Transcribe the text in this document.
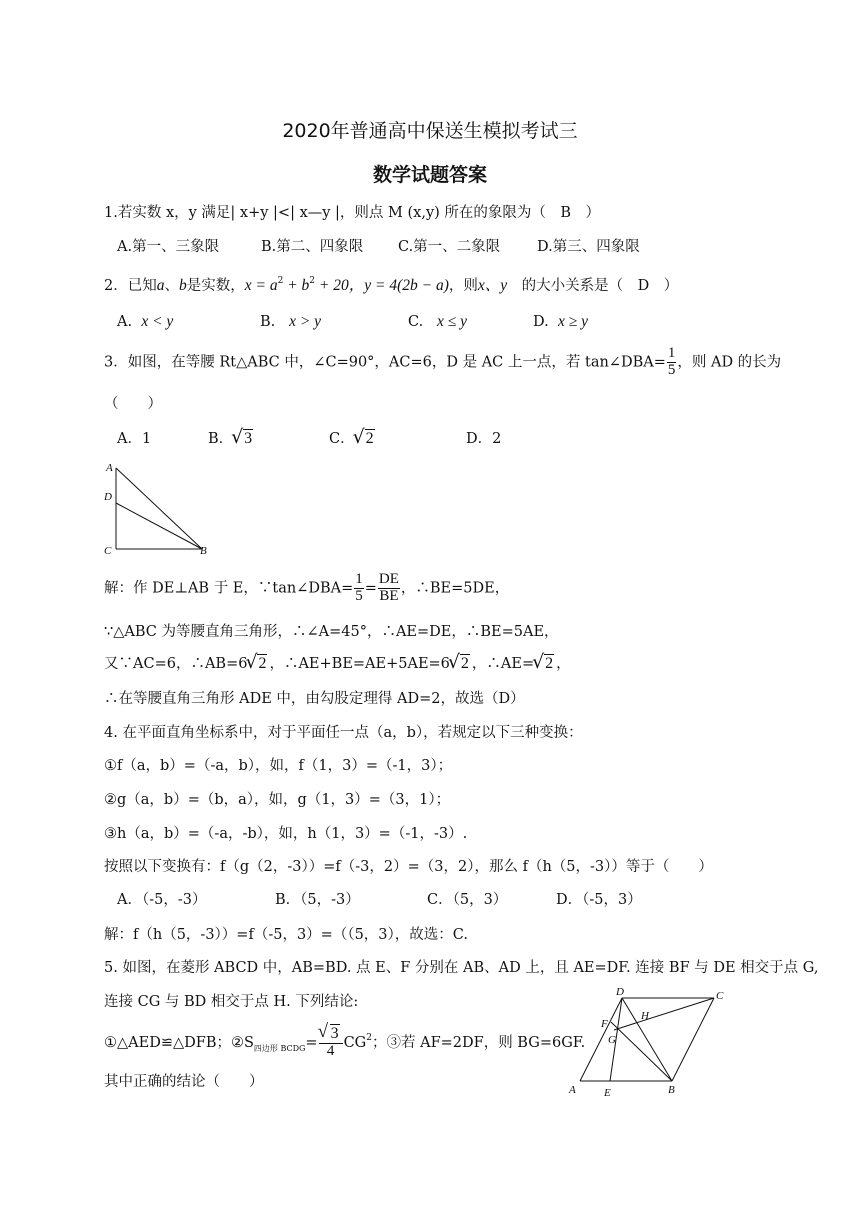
2020年普通高中保送生模拟考试三
数学试题答案
1.若实数 x，y 满足| x+y |<| x—y |，则点 M (x,y) 所在的象限为（　B　）
A.第一、三象限	B.第二、四象限 C.第一、二象限	D.第三、四象限
2．已知a、b是实数，$x = a^2 + b^2 + 20$，y = 4(2b − a)，则x、y　的大小关系是（　D　）
A. x < y	B. x > y	C. x ≤ y	D. x ≥ y
3．如图，在等腰 Rt△ABC 中，∠C=90°，AC=6，D 是 AC 上一点，若 tan∠DBA= $\frac{1}{5}$ ，则 AD 的长为
（　　）
A．1	B． √ 3	C． √ 2	D．2
A
D
C	B
解：作 DE⊥AB 于 E，∵tan∠DBA= $\frac{1}{5} = \frac{DE}{BE}$ ，∴BE=5DE，
∵△ABC 为等腰直角三角形，∴∠A=45°，∴AE=DE，∴BE=5AE，
又∵AC=6，∴AB=6 √ 2 ，∴AE+BE=AE+5AE=6 √ 2 ，∴AE= √ 2 ，
∴在等腰直角三角形 ADE 中，由勾股定理得 AD=2，故选（D）
4. 在平面直角坐标系中，对于平面任一点（a，b），若规定以下三种变换：
①f（a，b）=（-a，b），如，f（1，3）=（-1，3）；
②g（a，b）=（b，a），如，g（1，3）=（3，1）；
③h（a，b）=（-a，-b），如，h（1，3）=（-1，-3）.
按照以下变换有：f（g（2，-3））=f（-3，2）=（3，2），那么 f（h（5，-3））等于（　　）
A．（-5，-3）	B．（5，-3）	C．（5，3）	D．（-5，3）
解：f（h（5，-3））=f（-5，3）=（（5，3），故选：C.
5. 如图，在菱形 ABCD 中，AB=BD. 点 E、F 分别在 AB、AD 上，且 AE=DF. 连接 BF 与 DE 相交于点 G,
连接 CG 与 BD 相交于点 H. 下列结论:
①△AED≌△DFB；$②S_{四边形 BCDG}=$ √ $\frac{3}{4} CG^2$；③若 AF=2DF，则 BG=6GF.
其中正确的结论（　　）
D	C
H
F
G
A	E	B
